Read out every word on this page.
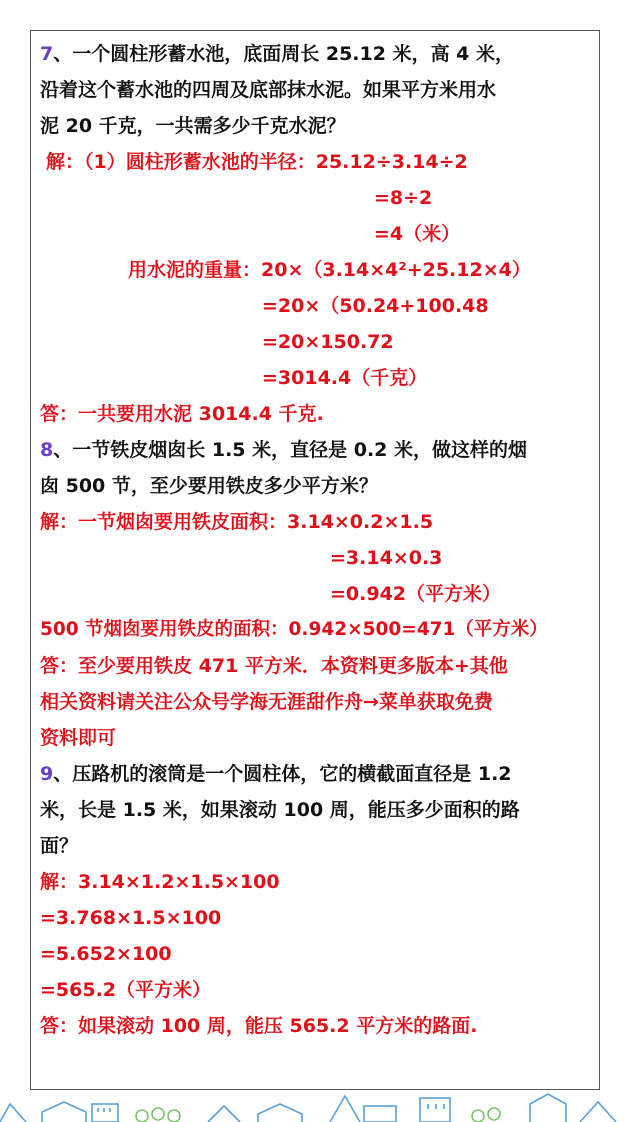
7、一个圆柱形蓄水池，底面周长 25.12 米，高 4 米，
沿着这个蓄水池的四周及底部抹水泥。如果平方米用水
泥 20 千克，一共需多少千克水泥？
解：（1）圆柱形蓄水池的半径：25.12÷3.14÷2
=8÷2
=4（米）
用水泥的重量：20×（3.14×4²+25.12×4）
=20×（50.24+100.48
=20×150.72
=3014.4（千克）
答：一共要用水泥 3014.4 千克.
8、一节铁皮烟囱长 1.5 米，直径是 0.2 米，做这样的烟
囱 500 节，至少要用铁皮多少平方米？
解：一节烟囱要用铁皮面积：3.14×0.2×1.5
=3.14×0.3
=0.942（平方米）
500 节烟囱要用铁皮的面积：0.942×500=471（平方米）
答：至少要用铁皮 471 平方米．本资料更多版本+其他
相关资料请关注公众号学海无涯甜作舟→菜单获取免费
资料即可
9、压路机的滚筒是一个圆柱体，它的横截面直径是 1.2
米，长是 1.5 米，如果滚动 100 周，能压多少面积的路
面？
解：3.14×1.2×1.5×100
=3.768×1.5×100
=5.652×100
=565.2（平方米）
答：如果滚动 100 周，能压 565.2 平方米的路面.
